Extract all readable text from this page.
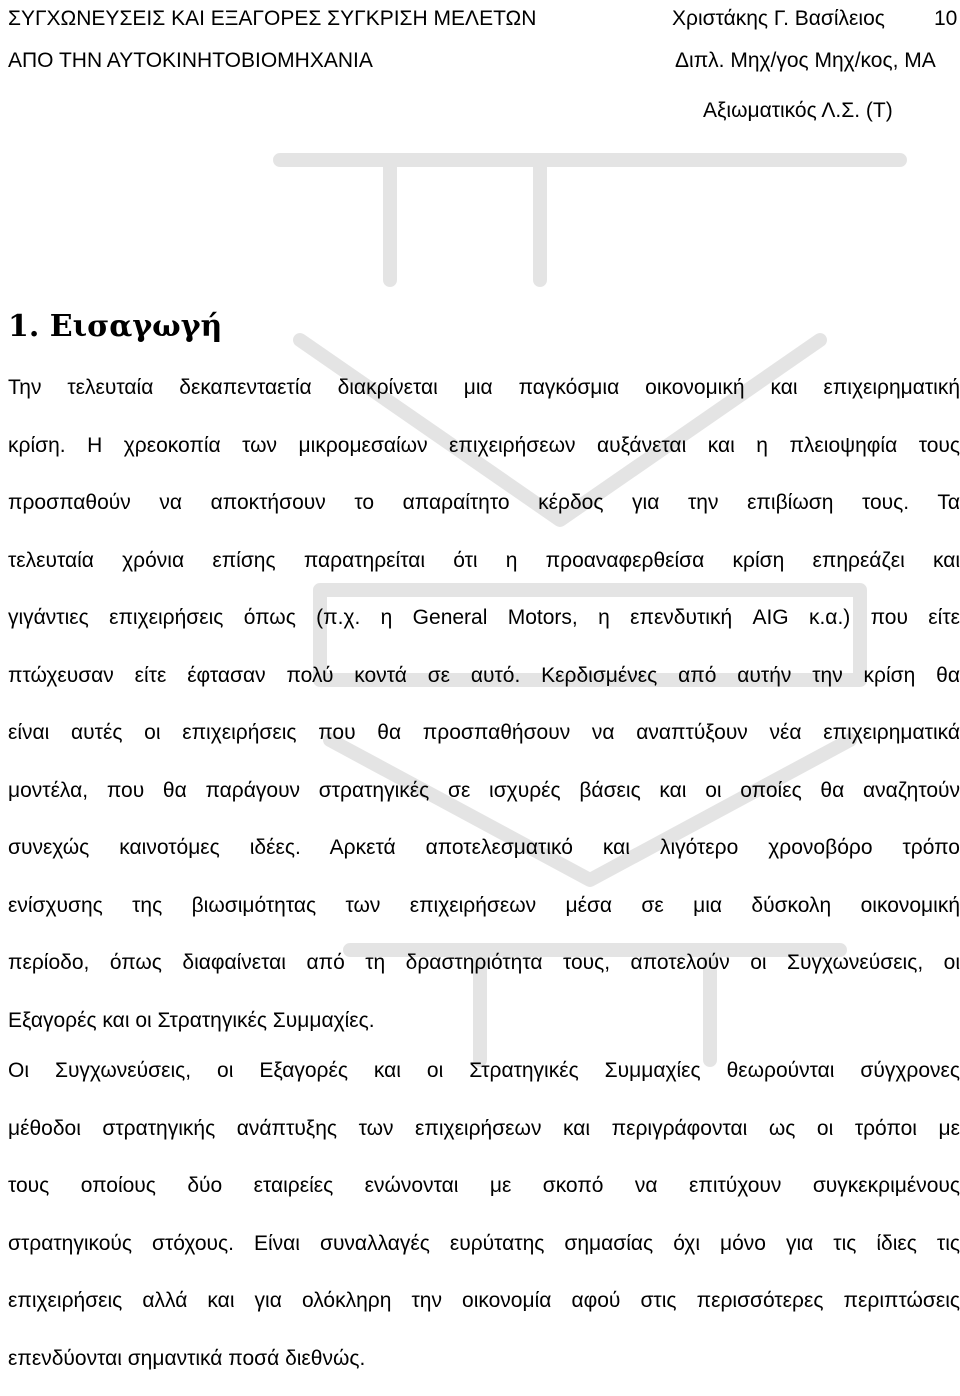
ΣΥΓΧΩΝΕΥΣΕΙΣ ΚΑΙ ΕΞΑΓΟΡΕΣ ΣΥΓΚΡΙΣΗ ΜΕΛΕΤΩΝ
ΑΠΟ ΤΗΝ ΑΥΤΟΚΙΝΗΤΟΒΙΟΜΗΧΑΝΙΑ
Χριστάκης Γ. Βασίλειος 10
Διπλ. Μηχ/γος Μηχ/κος, ΜΑ
Αξιωματικός Λ.Σ. (Τ)
1. Εισαγωγή
Την τελευταία δεκαπενταετία διακρίνεται μια παγκόσμια οικονομική και επιχειρηματική
κρίση. Η χρεοκοπία των μικρομεσαίων επιχειρήσεων αυξάνεται και η πλειοψηφία τους
προσπαθούν να αποκτήσουν το απαραίτητο κέρδος για την επιβίωση τους. Τα
τελευταία χρόνια επίσης παρατηρείται ότι η προαναφερθείσα κρίση επηρεάζει και
γιγάντιες επιχειρήσεις όπως (π.χ. η General Motors, η επενδυτική AIG κ.α.) που είτε
πτώχευσαν είτε έφτασαν πολύ κοντά σε αυτό. Κερδισμένες από αυτήν την κρίση θα
είναι αυτές οι επιχειρήσεις που θα προσπαθήσουν να αναπτύξουν νέα επιχειρηματικά
μοντέλα, που θα παράγουν στρατηγικές σε ισχυρές βάσεις και οι οποίες θα αναζητούν
συνεχώς καινοτόμες ιδέες. Αρκετά αποτελεσματικό και λιγότερο χρονοβόρο τρόπο
ενίσχυσης της βιωσιμότητας των επιχειρήσεων μέσα σε μια δύσκολη οικονομική
περίοδο, όπως διαφαίνεται από τη δραστηριότητα τους, αποτελούν οι Συγχωνεύσεις, οι
Εξαγορές και οι Στρατηγικές Συμμαχίες.
Οι Συγχωνεύσεις, οι Εξαγορές και οι Στρατηγικές Συμμαχίες θεωρούνται σύγχρονες
μέθοδοι στρατηγικής ανάπτυξης των επιχειρήσεων και περιγράφονται ως οι τρόποι με
τους οποίους δύο εταιρείες ενώνονται με σκοπό να επιτύχουν συγκεκριμένους
στρατηγικούς στόχους. Είναι συναλλαγές ευρύτατης σημασίας όχι μόνο για τις ίδιες τις
επιχειρήσεις αλλά και για ολόκληρη την οικονομία αφού στις περισσότερες περιπτώσεις
επενδύονται σημαντικά ποσά διεθνώς.
